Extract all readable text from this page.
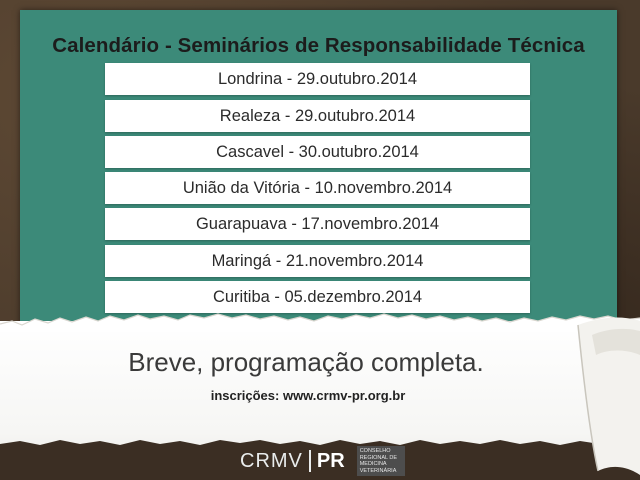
Calendário - Seminários de Responsabilidade Técnica
Londrina - 29.outubro.2014
Realeza - 29.outubro.2014
Cascavel - 30.outubro.2014
União da Vitória - 10.novembro.2014
Guarapuava - 17.novembro.2014
Maringá - 21.novembro.2014
Curitiba - 05.dezembro.2014
Breve, programação completa.
inscrições: www.crmv-pr.org.br
CRMV PR	CONSELHO
REGIONAL DE
MEDICINA
VETERINÁRIA
